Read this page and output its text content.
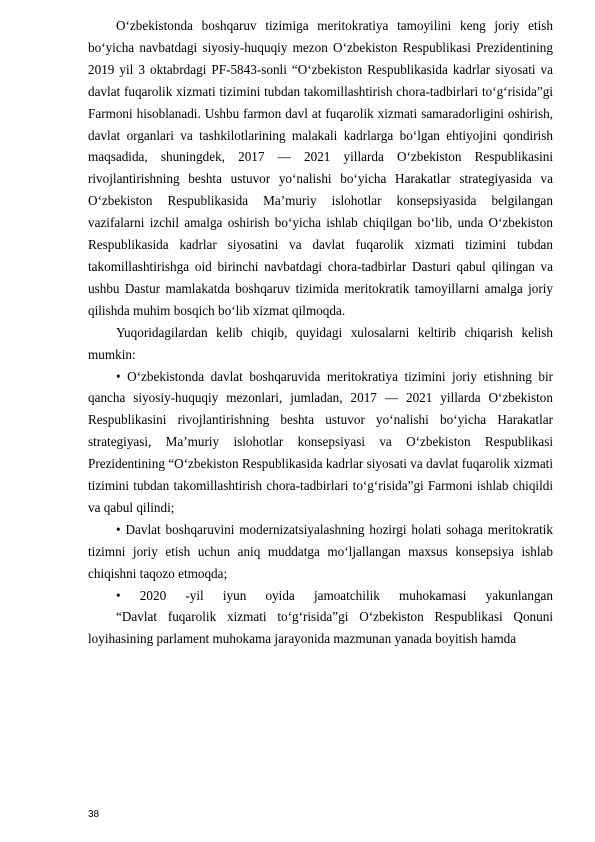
O‘zbekistonda boshqaruv tizimiga meritokratiya tamoyilini keng joriy etish bo‘yicha navbatdagi siyosiy-huquqiy mezon O‘zbekiston Respublikasi Prezidentining 2019 yil 3 oktabrdagi PF-5843-sonli “O‘zbekiston Respublikasida kadrlar siyosati va davlat fuqarolik xizmati tizimini tubdan takomillashtirish chora-tadbirlari to‘g‘risida”gi Farmoni hisoblanadi. Ushbu farmon davl at fuqarolik xizmati samaradorligini oshirish, davlat organlari va tashkilotlarining malakali kadrlarga bo‘lgan ehtiyojini qondirish maqsadida, shuningdek, 2017 — 2021 yillarda O‘zbekiston Respublikasini rivojlantirishning beshta ustuvor yo‘nalishi bo‘yicha Harakatlar strategiyasida va O‘zbekiston Respublikasida Ma’muriy islohotlar konsepsiyasida belgilangan vazifalarni izchil amalga oshirish bo‘yicha ishlab chiqilgan bo‘lib, unda O‘zbekiston Respublikasida kadrlar siyosatini va davlat fuqarolik xizmati tizimini tubdan takomillashtirishga oid birinchi navbatdagi chora-tadbirlar Dasturi qabul qilingan va ushbu Dastur mamlakatda boshqaruv tizimida meritokratik tamoyillarni amalga joriy qilishda muhim bosqich bo‘lib xizmat qilmoqda.

Yuqoridagilardan kelib chiqib, quyidagi xulosalarni keltirib chiqarish kelish mumkin:

• O‘zbekistonda davlat boshqaruvida meritokratiya tizimini joriy etishning bir qancha siyosiy-huquqiy mezonlari, jumladan, 2017 — 2021 yillarda O‘zbekiston Respublikasini rivojlantirishning beshta ustuvor yo‘nalishi bo‘yicha Harakatlar strategiyasi, Ma’muriy islohotlar konsepsiyasi va O‘zbekiston Respublikasi Prezidentining “O‘zbekiston Respublikasida kadrlar siyosati va davlat fuqarolik xizmati tizimini tubdan takomillashtirish chora-tadbirlari to‘g‘risida”gi Farmoni ishlab chiqildi va qabul qilindi;

• Davlat boshqaruvini modernizatsiyalashning hozirgi holati sohaga meritokratik tizimni joriy etish uchun aniq muddatga mo‘ljallangan maxsus konsepsiya ishlab chiqishni taqozo etmoqda;

• 2020 -yil iyun oyida jamoatchilik muhokamasi yakunlangan

“Davlat fuqarolik xizmati to‘g‘risida”gi O‘zbekiston Respublikasi Qonuni loyihasining parlament muhokama jarayonida mazmunan yanada boyitish hamda

38
